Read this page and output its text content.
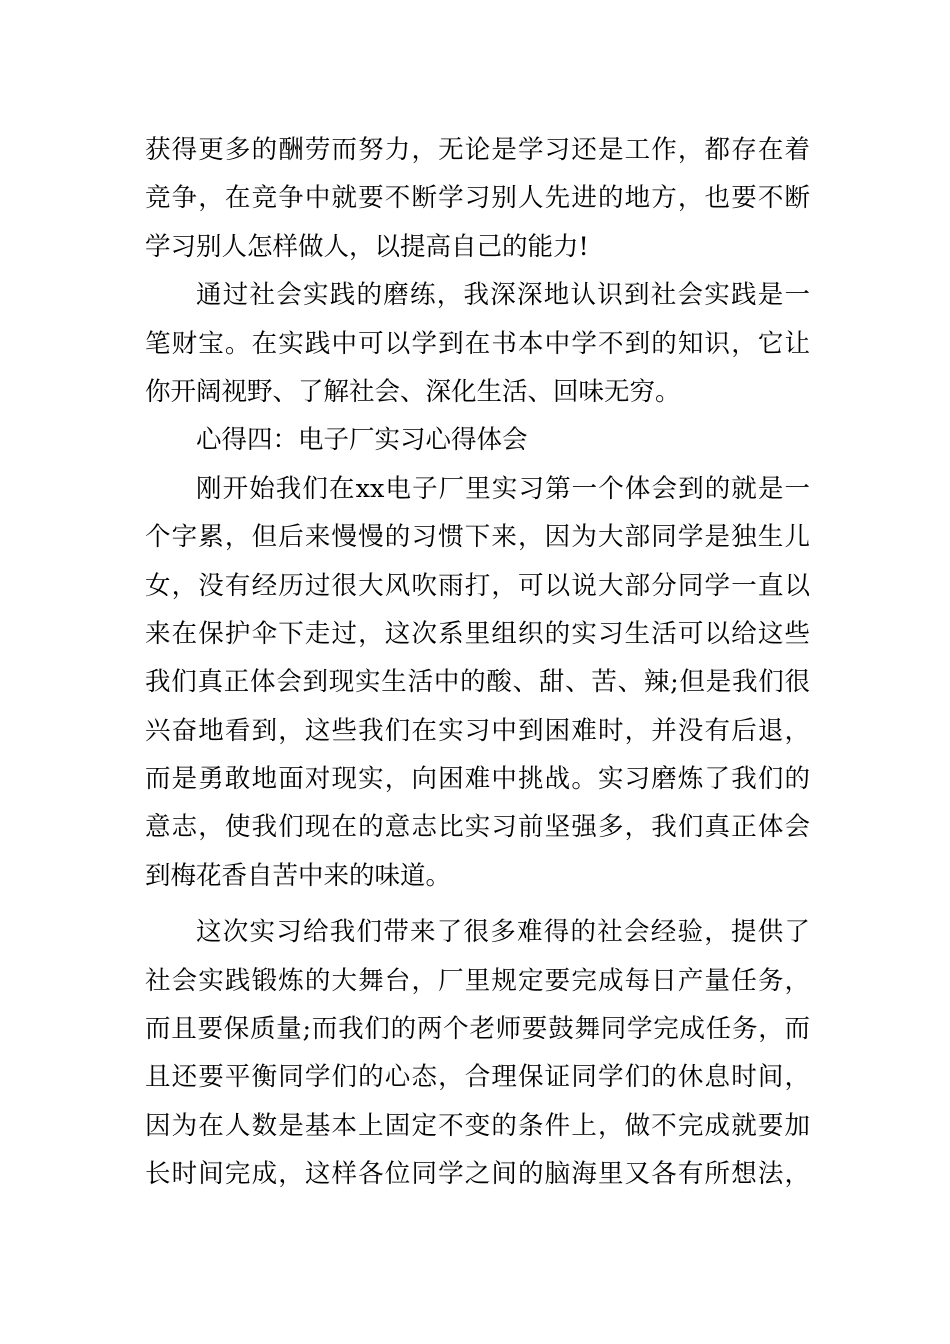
获得更多的酬劳而努力，无论是学习还是工作，都存在着
竞争，在竞争中就要不断学习别人先进的地方，也要不断
学习别人怎样做人，以提高自己的能力!
通过社会实践的磨练，我深深地认识到社会实践是一
笔财宝。在实践中可以学到在书本中学不到的知识，它让
你开阔视野、了解社会、深化生活、回味无穷。
心得四：电子厂实习心得体会
刚开始我们在xx电子厂里实习第一个体会到的就是一
个字累，但后来慢慢的习惯下来，因为大部同学是独生儿
女，没有经历过很大风吹雨打，可以说大部分同学一直以
来在保护伞下走过，这次系里组织的实习生活可以给这些
我们真正体会到现实生活中的酸、甜、苦、辣;但是我们很
兴奋地看到，这些我们在实习中到困难时，并没有后退，
而是勇敢地面对现实，向困难中挑战。实习磨炼了我们的
意志，使我们现在的意志比实习前坚强多，我们真正体会
到梅花香自苦中来的味道。
这次实习给我们带来了很多难得的社会经验，提供了
社会实践锻炼的大舞台，厂里规定要完成每日产量任务，
而且要保质量;而我们的两个老师要鼓舞同学完成任务，而
且还要平衡同学们的心态，合理保证同学们的休息时间，
因为在人数是基本上固定不变的条件上，做不完成就要加
长时间完成，这样各位同学之间的脑海里又各有所想法，
